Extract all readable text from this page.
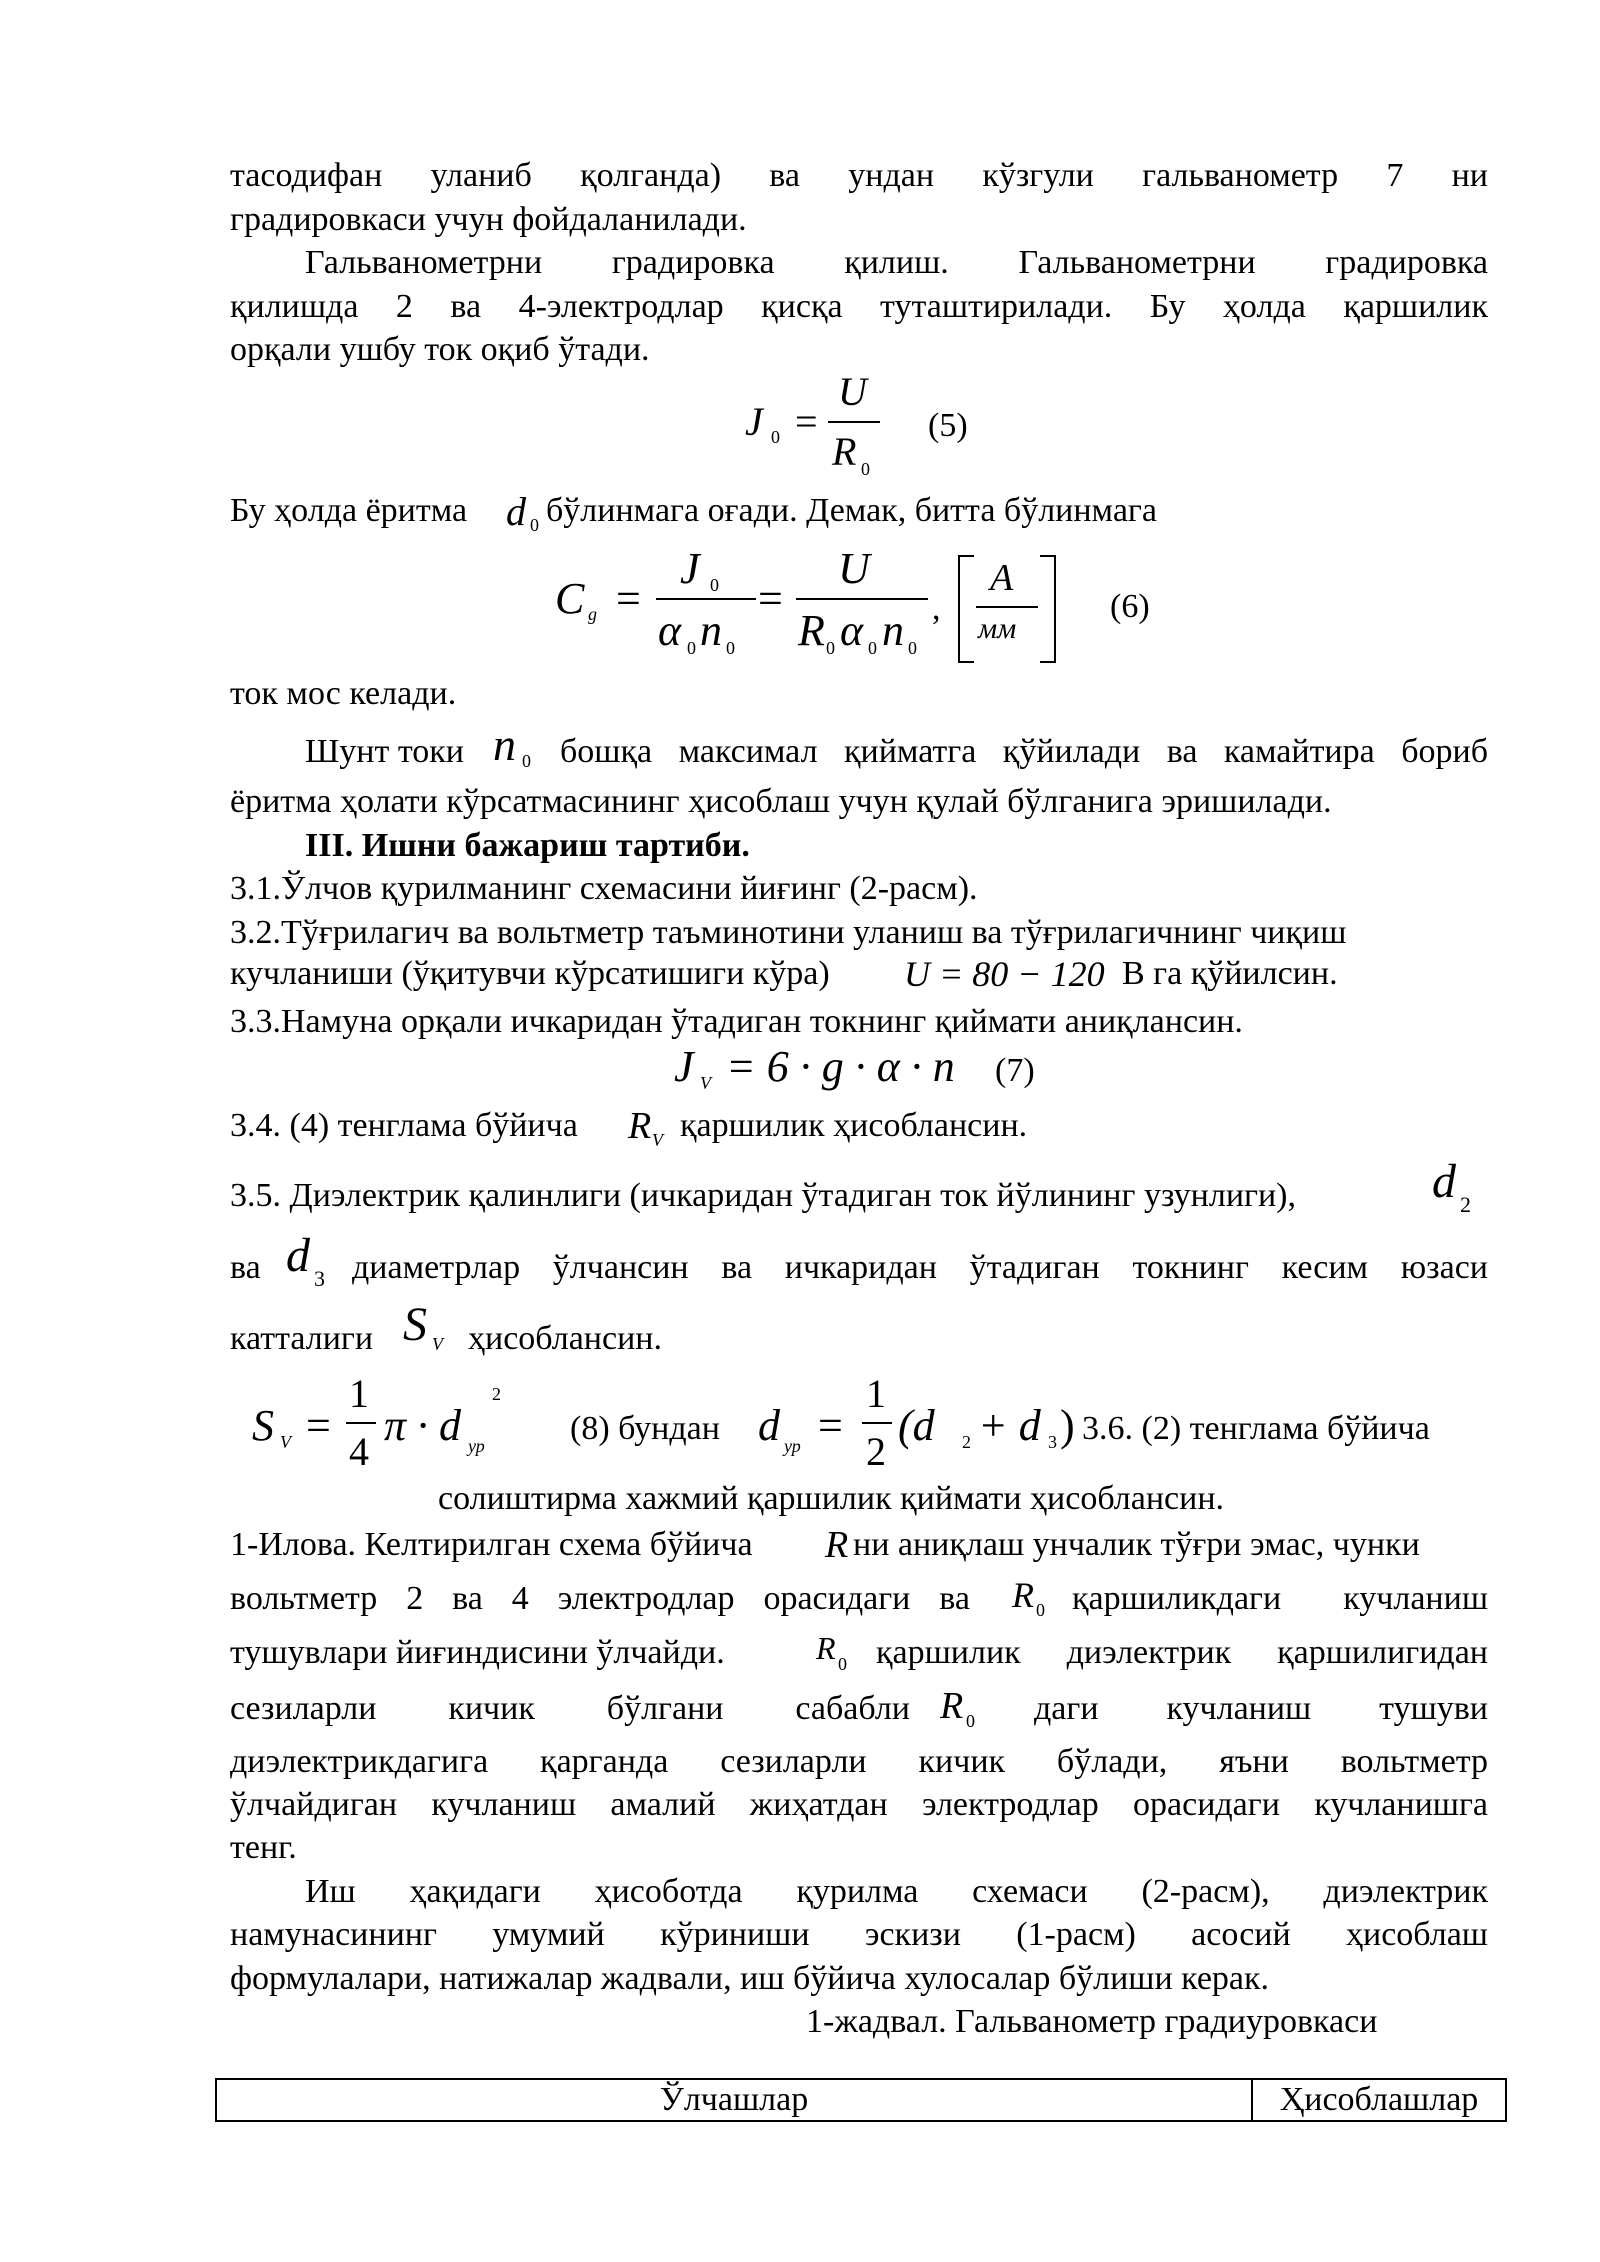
тасодифан уланиб қолганда) ва ундан кўзгули гальванометр 7 ни
градировкаси учун фойдаланилади.
Гальванометрни градировка қилиш. Гальванометрни градировка
қилишда 2 ва 4-электродлар қисқа туташтирилади. Бу ҳолда қаршилик
орқали ушбу ток оқиб ўтади.
J 0 =
U
R 0
(5)
Бу ҳолда ёритма d 0 бўлинмага оғади. Демак, битта бўлинмага
C g =
J 0
α 0 n 0
=
U
R 0 α 0 n 0
,
A
мм
(6)
ток мос келади.
Шунт токи n 0 бошқа максимал қийматга қўйилади ва камайтира бориб
ёритма ҳолати кўрсатмасининг ҳисоблаш учун қулай бўлганига эришилади.
III. Ишни бажариш тартиби.
3.1.Ўлчов қурилманинг схемасини йиғинг (2-расм).
3.2.Тўғрилагич ва вольтметр таъминотини уланиш ва тўғрилагичнинг чиқиш
кучланиши (ўқитувчи кўрсатишиги кўра) U = 80 − 120 В га қўйилсин.
3.3.Намуна орқали ичкаридан ўтадиган токнинг қиймати аниқлансин.
J V = 6 · g · α · n (7)
3.4. (4) тенглама бўйича R V қаршилик ҳисоблансин.
3.5. Диэлектрик қалинлиги (ичкаридан ўтадиган ток йўлининг узунлиги),	d 2
ва d 3 диаметрлар ўлчансин ва ичкаридан ўтадиган токнинг кесим юзаси
катталиги S V ҳисоблансин.
S V =
1
4
π · d
2
ур	(8) бундан d ур =
1
2
(d 2 + d 3 ) 3.6. (2) тенглама бўйича
солиштирма хажмий қаршилик қиймати ҳисоблансин.
1-Илова. Келтирилган схема бўйича R ни аниқлаш унчалик тўғри эмас, чунки
вольтметр 2 ва 4 электродлар орасидаги ва R 0 қаршиликдаги кучланиш
тушувлари йиғиндисини ўлчайди.	R 0 қаршилик диэлектрик қаршилигидан
сезиларли кичик бўлгани сабабли R 0 даги кучланиш тушуви
диэлектрикдагига қарганда сезиларли кичик бўлади, яъни вольтметр
ўлчайдиган кучланиш амалий жиҳатдан электродлар орасидаги кучланишга
тенг.
Иш ҳақидаги ҳисоботда қурилма схемаси (2-расм), диэлектрик
намунасининг умумий кўриниши эскизи (1-расм) асосий ҳисоблаш
формулалари, натижалар жадвали, иш бўйича хулосалар бўлиши керак.
1-жадвал. Гальванометр градиуровкаси
Ўлчашлар	Ҳисоблашлар
